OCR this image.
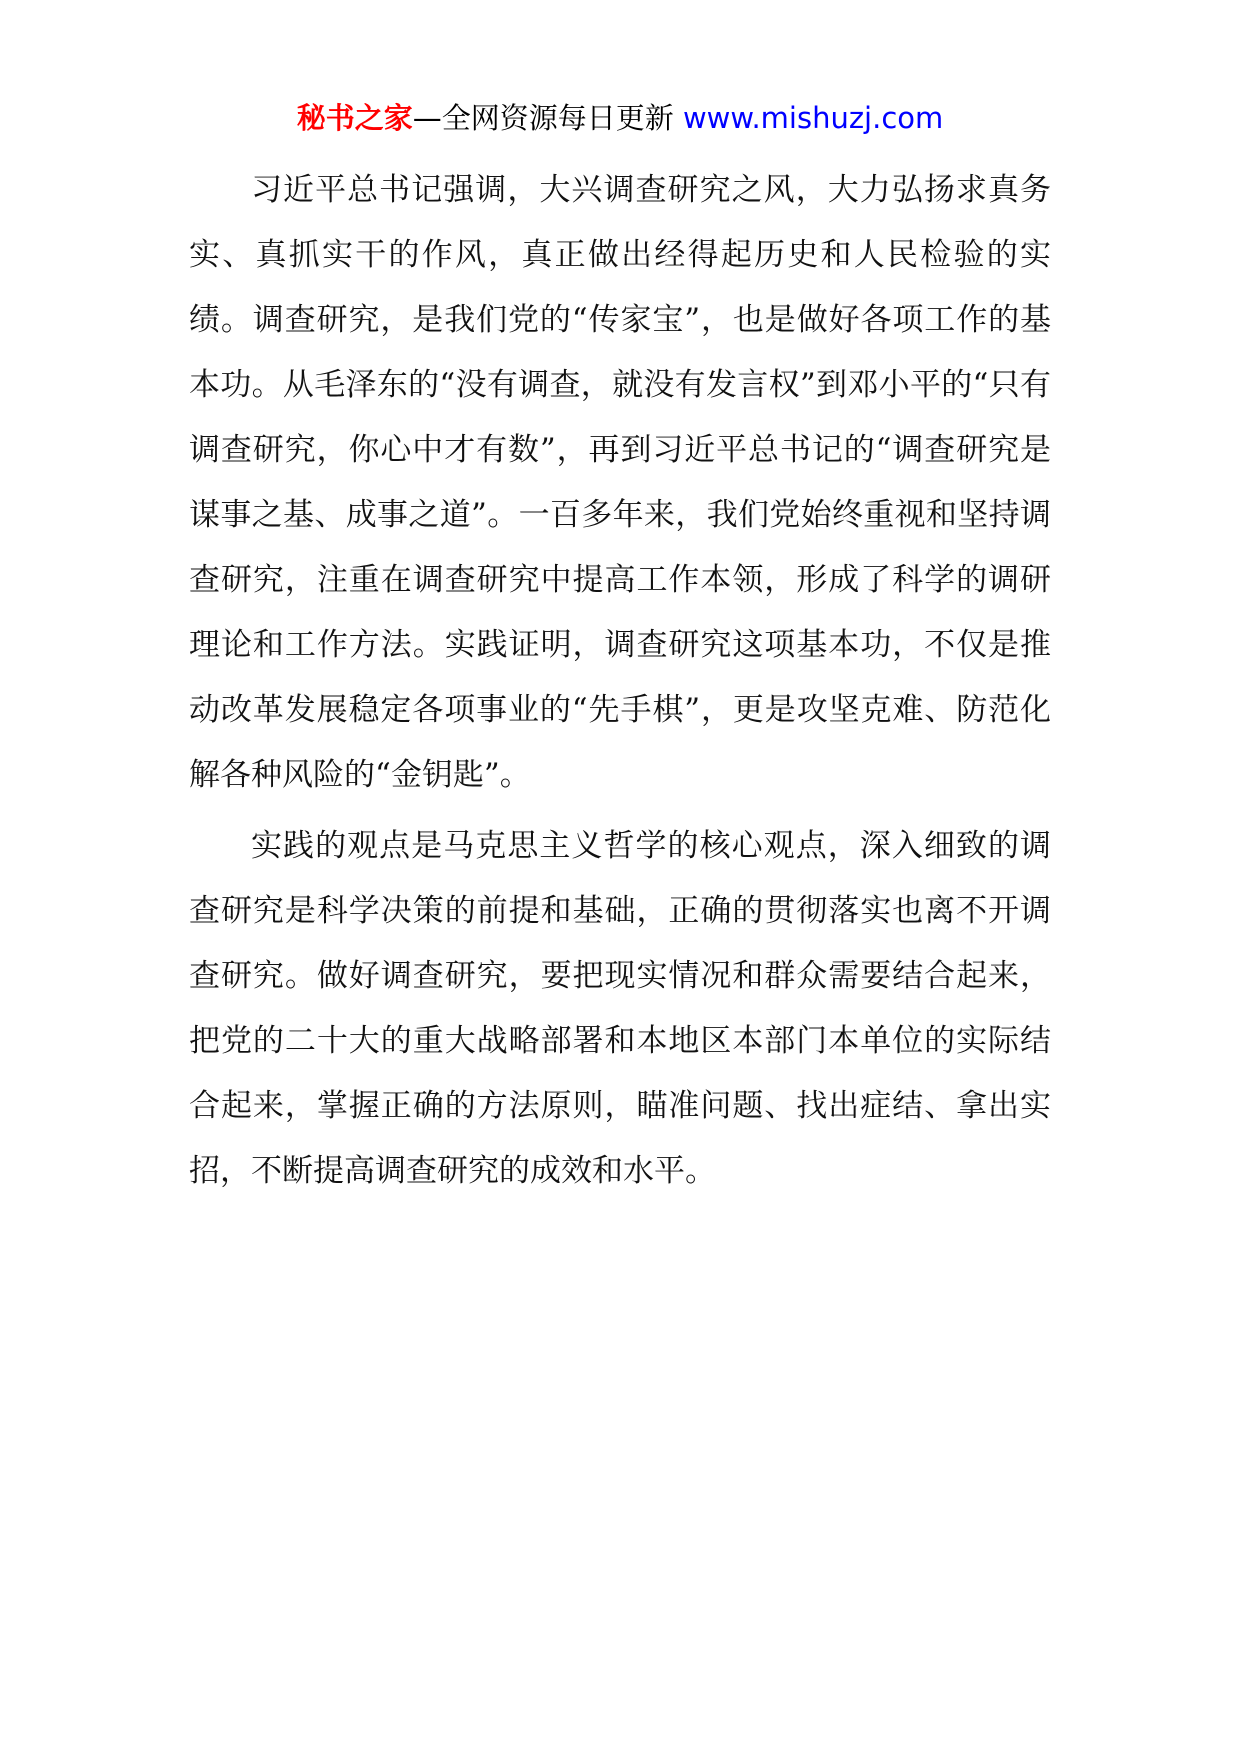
秘书之家—全网资源每日更新 www.mishuzj.com

习近平总书记强调，大兴调查研究之风，大力弘扬求真务实、真抓实干的作风，真正做出经得起历史和人民检验的实绩。调查研究，是我们党的“传家宝”，也是做好各项工作的基本功。从毛泽东的“没有调查，就没有发言权”到邓小平的“只有调查研究，你心中才有数”，再到习近平总书记的“调查研究是谋事之基、成事之道”。一百多年来，我们党始终重视和坚持调查研究，注重在调查研究中提高工作本领，形成了科学的调研理论和工作方法。实践证明，调查研究这项基本功，不仅是推动改革发展稳定各项事业的“先手棋”，更是攻坚克难、防范化解各种风险的“金钥匙”。

实践的观点是马克思主义哲学的核心观点，深入细致的调查研究是科学决策的前提和基础，正确的贯彻落实也离不开调查研究。做好调查研究，要把现实情况和群众需要结合起来，把党的二十大的重大战略部署和本地区本部门本单位的实际结合起来，掌握正确的方法原则，瞄准问题、找出症结、拿出实招，不断提高调查研究的成效和水平。
